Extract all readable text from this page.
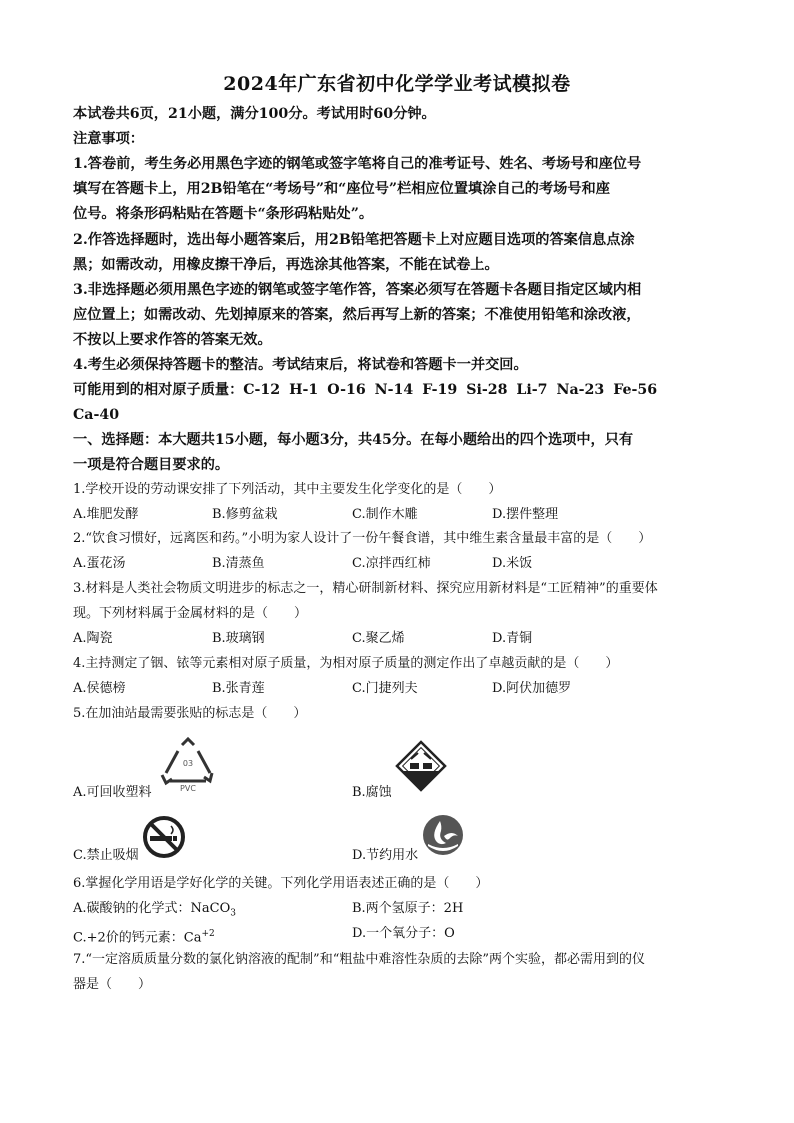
2024年广东省初中化学学业考试模拟卷
本试卷共6页，21小题，满分100分。考试用时60分钟。
注意事项：
1.答卷前，考生务必用黑色字迹的钢笔或签字笔将自己的准考证号、姓名、考场号和座位号
填写在答题卡上，用2B铅笔在“考场号”和“座位号”栏相应位置填涂自己的考场号和座
位号。将条形码粘贴在答题卡“条形码粘贴处”。
2.作答选择题时，选出每小题答案后，用2B铅笔把答题卡上对应题目选项的答案信息点涂
黑；如需改动，用橡皮擦干净后，再选涂其他答案，不能在试卷上。
3.非选择题必须用黑色字迹的钢笔或签字笔作答，答案必须写在答题卡各题目指定区域内相
应位置上；如需改动、先划掉原来的答案，然后再写上新的答案；不准使用铅笔和涂改液，
不按以上要求作答的答案无效。
4.考生必须保持答题卡的整洁。考试结束后，将试卷和答题卡一并交回。
可能用到的相对原子质量：C-12 H-1 O-16 N-14 F-19 Si-28 Li-7 Na-23 Fe-56
Ca-40
一、选择题：本大题共15小题，每小题3分，共45分。在每小题给出的四个选项中，只有
一项是符合题目要求的。
1.学校开设的劳动课安排了下列活动，其中主要发生化学变化的是（　　）
A.堆肥发酵	B.修剪盆栽	C.制作木雕	D.摆件整理
2.“饮食习惯好，远离医和药。”小明为家人设计了一份午餐食谱，其中维生素含量最丰富的是（　　）
A.蛋花汤	B.清蒸鱼	C.凉拌西红柿	D.米饭
3.材料是人类社会物质文明进步的标志之一，精心研制新材料、探究应用新材料是“工匠精神”的重要体
现。下列材料属于金属材料的是（　　）
A.陶瓷	B.玻璃钢	C.聚乙烯	D.青铜
4.主持测定了铟、铱等元素相对原子质量，为相对原子质量的测定作出了卓越贡献的是（　　）
A.侯德榜	B.张青莲	C.门捷列夫	D.阿伏加德罗
5.在加油站最需要张贴的标志是（　　）
03
PVC
A.可回收塑料	B.腐蚀
C.禁止吸烟	D.节约用水
6.掌握化学用语是学好化学的关键。下列化学用语表述正确的是（　　）
A.碳酸钠的化学式：NaCO$_3$	B.两个氢原子：2H
C.+2价的钙元素：$Ca^{+2}$	D.一个氧分子：O
7.“一定溶质质量分数的氯化钠溶液的配制”和“粗盐中难溶性杂质的去除”两个实验，都必需用到的仪
器是（　　）
